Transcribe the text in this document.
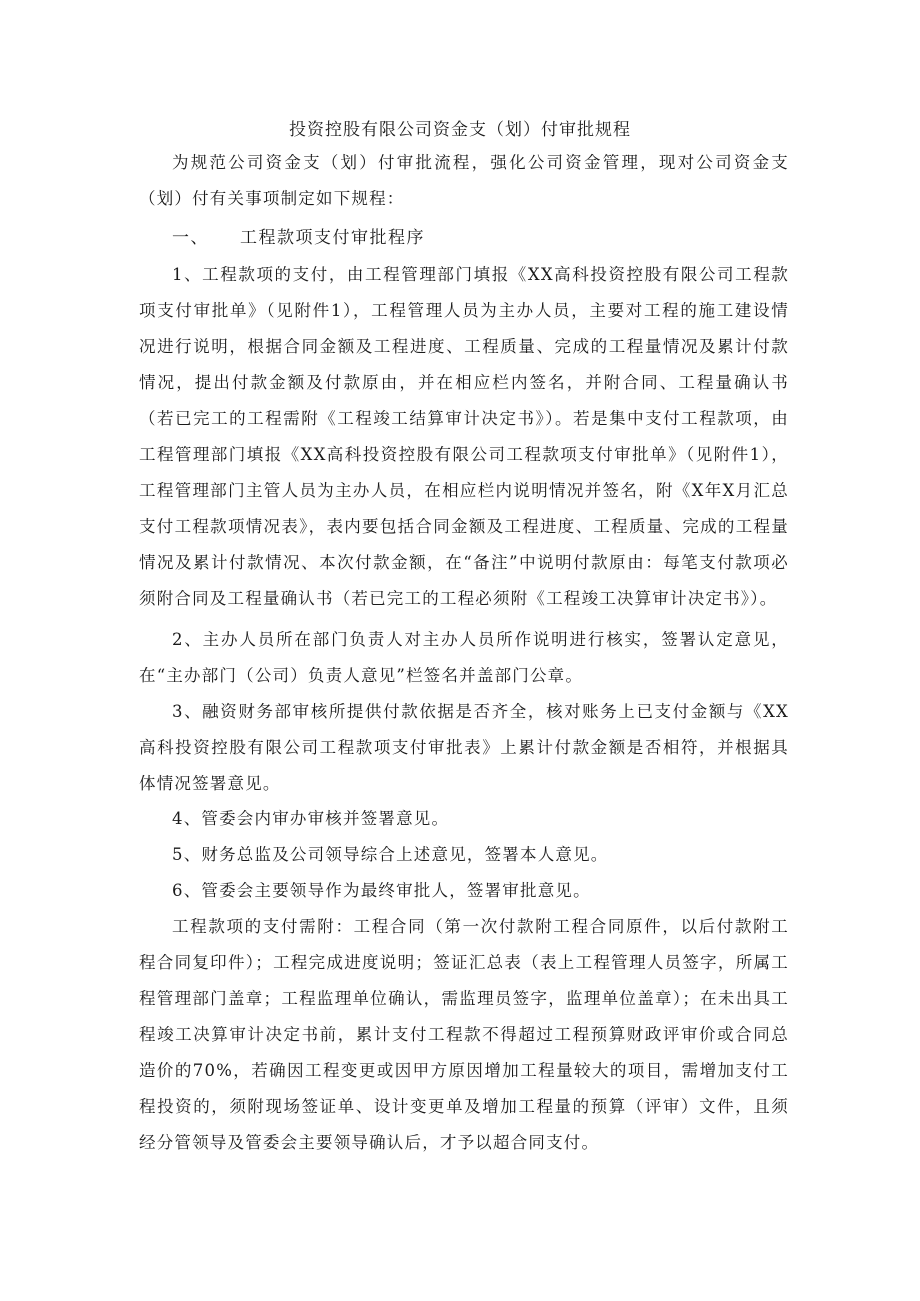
投资控股有限公司资金支（划）付审批规程

为规范公司资金支（划）付审批流程，强化公司资金管理，现对公司资金支（划）付有关事项制定如下规程：

一、 工程款项支付审批程序

1、工程款项的支付，由工程管理部门填报《XX高科投资控股有限公司工程款项支付审批单》（见附件1），工程管理人员为主办人员，主要对工程的施工建设情况进行说明，根据合同金额及工程进度、工程质量、完成的工程量情况及累计付款情况，提出付款金额及付款原由，并在相应栏内签名，并附合同、工程量确认书（若已完工的工程需附《工程竣工结算审计决定书》）。若是集中支付工程款项，由工程管理部门填报《XX高科投资控股有限公司工程款项支付审批单》（见附件1），工程管理部门主管人员为主办人员，在相应栏内说明情况并签名，附《X年X月汇总支付工程款项情况表》，表内要包括合同金额及工程进度、工程质量、完成的工程量情况及累计付款情况、本次付款金额，在“备注”中说明付款原由：每笔支付款项必须附合同及工程量确认书（若已完工的工程必须附《工程竣工决算审计决定书》）。

2、主办人员所在部门负责人对主办人员所作说明进行核实，签署认定意见，在“主办部门（公司）负责人意见”栏签名并盖部门公章。

3、融资财务部审核所提供付款依据是否齐全，核对账务上已支付金额与《XX高科投资控股有限公司工程款项支付审批表》上累计付款金额是否相符，并根据具体情况签署意见。

4、管委会内审办审核并签署意见。

5、财务总监及公司领导综合上述意见，签署本人意见。

6、管委会主要领导作为最终审批人，签署审批意见。

工程款项的支付需附：工程合同（第一次付款附工程合同原件，以后付款附工程合同复印件）；工程完成进度说明；签证汇总表（表上工程管理人员签字，所属工程管理部门盖章；工程监理单位确认，需监理员签字，监理单位盖章）；在未出具工程竣工决算审计决定书前，累计支付工程款不得超过工程预算财政评审价或合同总造价的70%，若确因工程变更或因甲方原因增加工程量较大的项目，需增加支付工程投资的，须附现场签证单、设计变更单及增加工程量的预算（评审）文件，且须经分管领导及管委会主要领导确认后，才予以超合同支付。
